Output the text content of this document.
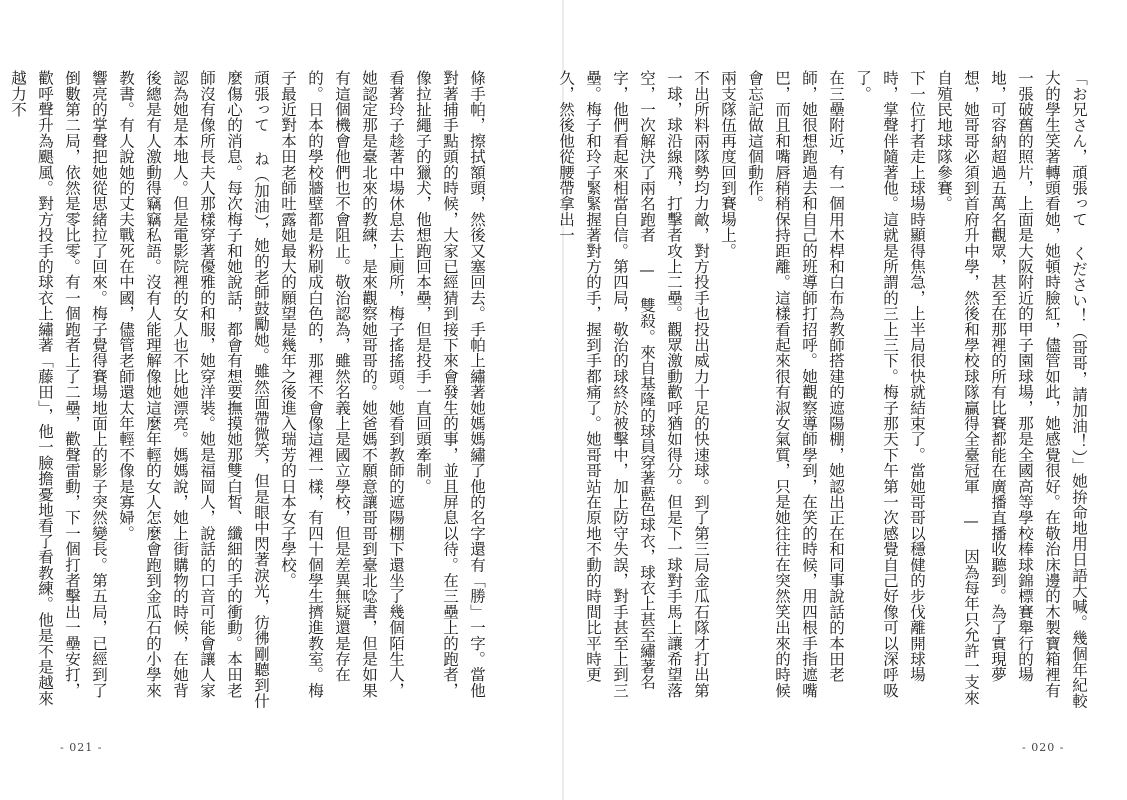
條手帕，擦拭額頭，然後又塞回去。手帕上繡著她媽媽繡了他的名字還有「勝」一字。當他對著捕手點頭的時候，大家已經猜到接下來會發生的事，並且屏息以待。在三壘上的跑者，像拉扯繩子的獵犬，他想跑回本壘，但是投手一直回頭牽制。

看著玲子趁著中場休息去上廁所，梅子搖搖頭。她看到教師的遮陽棚下還坐了幾個陌生人，她認定那是臺北來的教練，是來觀察她哥哥的。她爸媽不願意讓哥哥到臺北唸書，但是如果有這個機會他們也不會阻止。敬治認為，雖然名義上是國立學校，但是差異無疑還是存在的。日本的學校牆壁都是粉刷成白色的，那裡不會像這裡一樣，有四十個學生擠進教室。梅子最近對本田老師吐露她最大的願望是幾年之後進入瑞芳的日本女子學校。

頑張って ね（加油），她的老師鼓勵她。雖然面帶微笑，但是眼中閃著淚光，彷彿剛聽到什麼傷心的消息。每次梅子和她說話，都會有想要撫摸她那雙白皙、纖細的手的衝動。本田老師沒有像所長夫人那樣穿著優雅的和服，她穿洋裝。她是福岡人，說話的口音可能會讓人家認為她是本地人。但是電影院裡的女人也不比她漂亮。媽媽說，她上街購物的時候，在她背後總是有人激動得竊竊私語。沒有人能理解像她這麼年輕的女人怎麼會跑到金瓜石的小學來教書。有人說她的丈夫戰死在中國，儘管老師還太年輕不像是寡婦。

響亮的掌聲把她從思緒拉了回來。梅子覺得賽場地面上的影子突然變長。第五局，已經到了倒數第二局，依然是零比零。有一個跑者上了二壘，歡聲雷動，下一個打者擊出一壘安打，歡呼聲升為颶風。對方投手的球衣上繡著「藤田」，他一臉擔憂地看了看教練。他是不是越來越力不

- 021 -

「お兄さん，頑張って ください！（哥哥，請加油！）」她拚命地用日語大喊。幾個年紀較大的學生笑著轉頭看她，她頓時臉紅，儘管如此，她感覺很好。在敬治床邊的木製寶箱裡有一張破舊的照片，上面是大阪附近的甲子園球場，那是全國高等學校棒球錦標賽舉行的場地，可容納超過五萬名觀眾，甚至在那裡的所有比賽都能在廣播直播收聽到。為了實現夢想，她哥哥必須到首府升中學，然後和學校球隊贏得全臺冠軍 — 因為每年只允許一支來自殖民地球隊參賽。

下一位打者走上球場時顯得焦急，上半局很快就結束了。當她哥哥以穩健的步伐離開球場時，掌聲伴隨著他。這就是所謂的三上三下。梅子那天下午第一次感覺自己好像可以深呼吸了。

在三壘附近，有一個用木桿和白布為教師搭建的遮陽棚，她認出正在和同事說話的本田老師，她很想跑過去和自己的班導師打招呼。她觀察導師學到，在笑的時候，用四根手指遮嘴巴，而且和嘴唇稍稍保持距離。這樣看起來很有淑女氣質，只是她往往在突然笑出來的時候會忘記做這個動作。

兩支隊伍再度回到賽場上。

不出所料兩隊勢均力敵，對方投手也投出威力十足的快速球。到了第三局金瓜石隊才打出第一球，球沿線飛，打擊者攻上二壘。觀眾激動歡呼猶如得分。但是下一球對手馬上讓希望落空，一次解決了兩名跑者 — 雙殺。來自基隆的球員穿著藍色球衣，球衣上甚至繡著名字，他們看起來相當自信。第四局，敬治的球終於被擊中，加上防守失誤，對手甚至上到三壘。梅子和玲子緊緊握著對方的手，握到手都痛了。她哥哥站在原地不動的時間比平時更久，然後他從腰帶拿出一

- 020 -
